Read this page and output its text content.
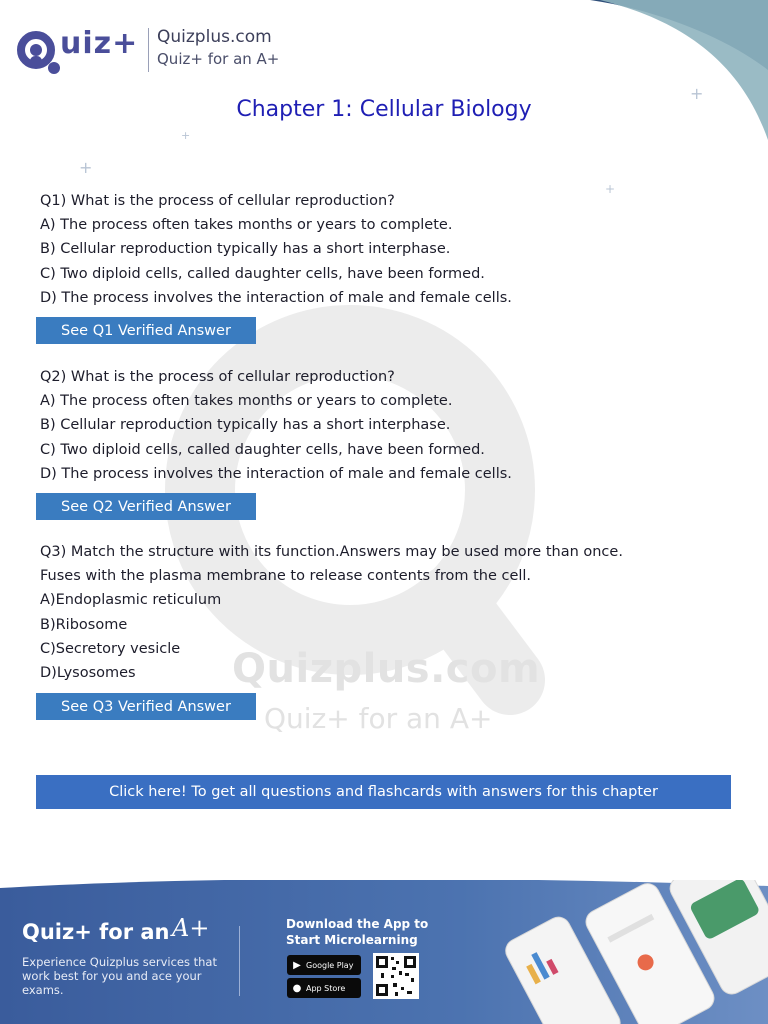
Quizplus.com
Quiz+ for an A+
+
+
+
+
uiz+ Quizplus.com
Quiz+ for an A+
Chapter 1: Cellular Biology
Q1) What is the process of cellular reproduction?
A) The process often takes months or years to complete.
B) Cellular reproduction typically has a short interphase.
C) Two diploid cells, called daughter cells, have been formed.
D) The process involves the interaction of male and female cells.
See Q1 Verified Answer
Q2) What is the process of cellular reproduction?
A) The process often takes months or years to complete.
B) Cellular reproduction typically has a short interphase.
C) Two diploid cells, called daughter cells, have been formed.
D) The process involves the interaction of male and female cells.
See Q2 Verified Answer
Q3) Match the structure with its function.Answers may be used more than once.
Fuses with the plasma membrane to release contents from the cell.
A)Endoplasmic reticulum
B)Ribosome
C)Secretory vesicle
D)Lysosomes
See Q3 Verified Answer
Click here! To get all questions and flashcards with answers for this chapter
Quiz+ for an A+
Experience Quizplus services that work best for you and ace your exams.
Download the App to Start Microlearning
▶ Google Play
● App Store
